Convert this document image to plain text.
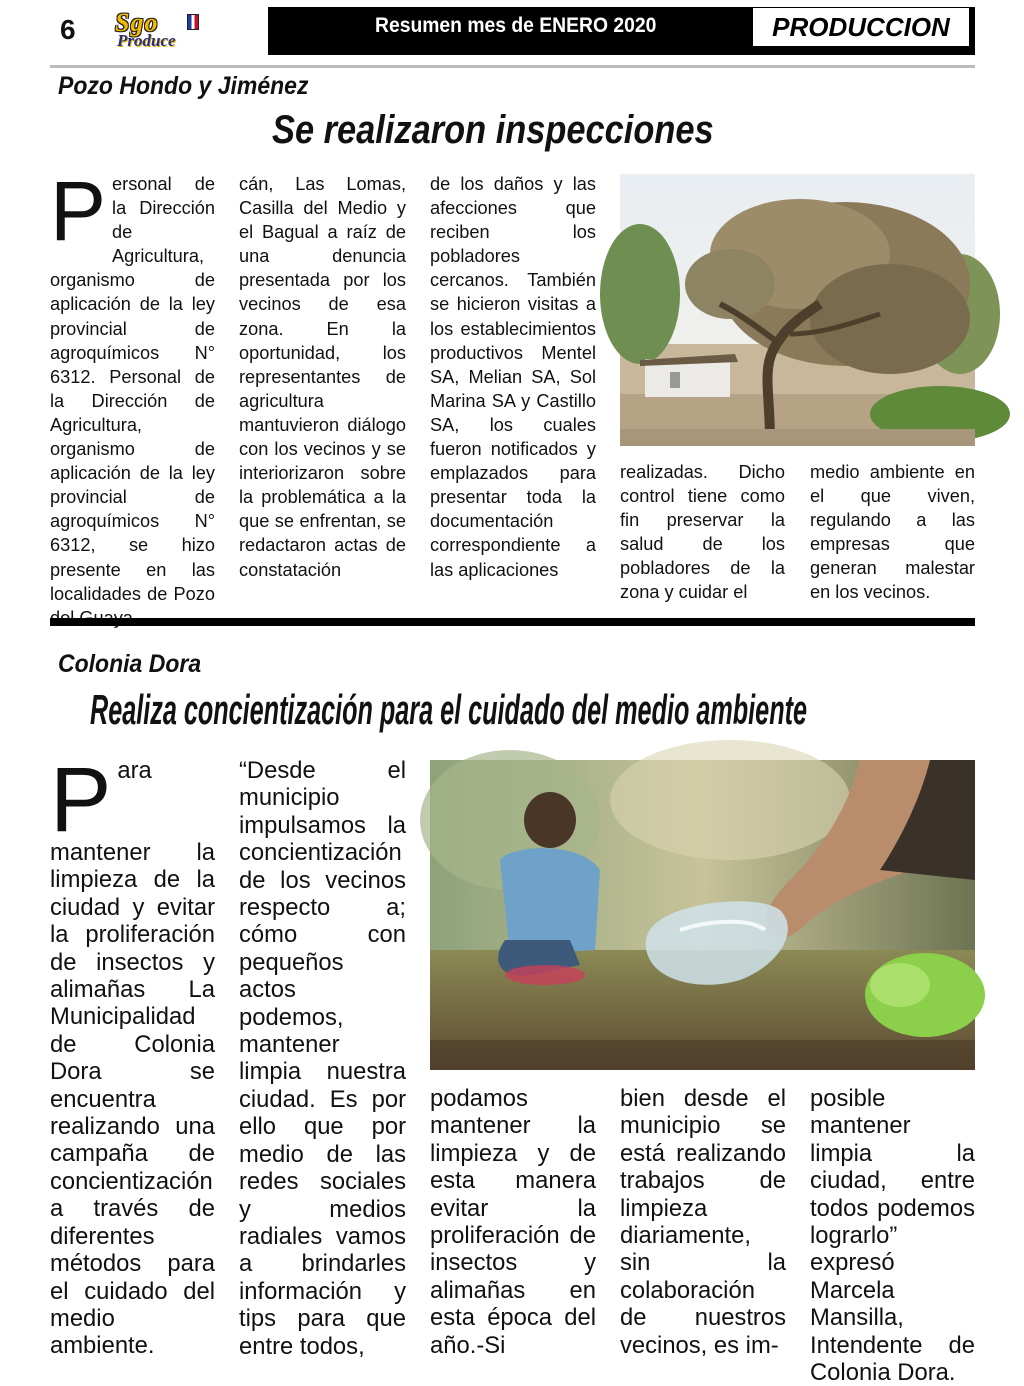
6 Sgo
Produce
Resumen mes de ENERO 2020	PRODUCCION
Pozo Hondo y Jiménez
Se realizaron inspecciones
Personal de la Dirección de Agricultura, organismo de aplicación de la ley provincial de agroquímicos N° 6312. Personal de la Dirección de Agricultura, organismo de aplicación de la ley provincial de agroquímicos N° 6312, se hizo presente en las localidades de Pozo
cán, Las Lomas, Casilla del Medio y el Bagual a raíz de una denuncia presentada por los vecinos de esa zona. En la oportunidad, los representantes de agricultura mantuvieron diálogo con los vecinos y se interiorizaron sobre la problemática a la que se enfrentan, se redactaron actas de constatación
de los daños y las afecciones que reciben los pobladores cercanos. También se hicieron visitas a los establecimientos productivos Mentel SA, Melian SA, Sol Marina SA y Castillo SA, los cuales fueron notificados y emplazados para presentar toda la documentación correspondiente a las aplicaciones
realizadas. Dicho control tiene como fin preservar la salud de los pobladores de la zona y cuidar el
medio ambiente en el que viven, regulando a las empresas que generan malestar en los vecinos.
Colonia Dora
Realiza concientización para el cuidado del medio ambiente
Para mantener la limpieza de la ciudad y evitar la proliferación de insectos y alimañas La Municipalidad de Colonia Dora se encuentra realizando una campaña de concientización a través de diferentes métodos para el cuidado del medio ambiente.
“Desde el municipio impulsamos la concientización de los vecinos respecto a; cómo con pequeños actos podemos, mantener limpia nuestra ciudad. Es por ello que por medio de las redes sociales y medios radiales vamos a brindarles información y tips para que entre todos,
podamos mantener la limpieza y de esta manera evitar la proliferación de insectos y alimañas en esta época del año.-Si
bien desde el municipio se está realizando trabajos de limpieza diariamente, sin la colaboración de nuestros vecinos, es im-
posible mantener limpia la ciudad, entre todos podemos lograrlo” expresó Marcela Mansilla, Intendente de Colonia Dora.
